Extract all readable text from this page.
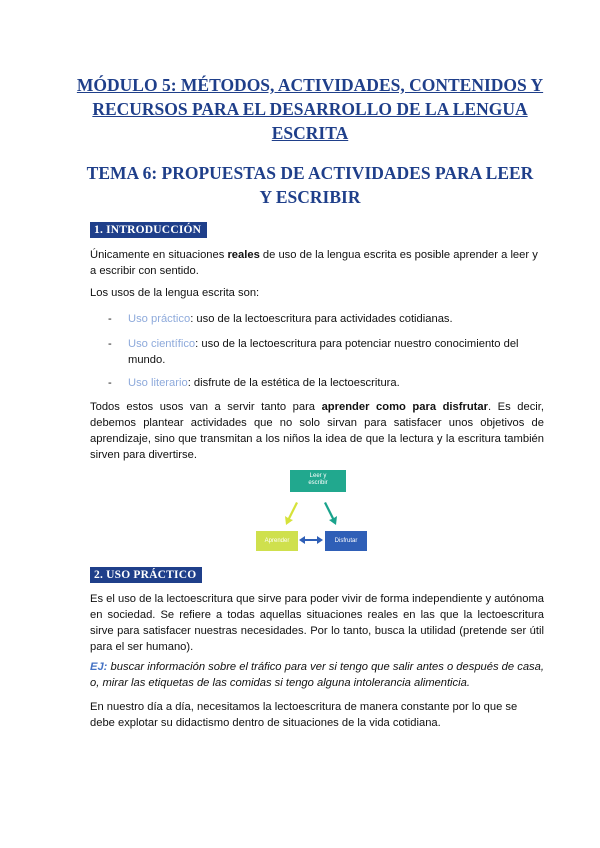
MÓDULO 5: MÉTODOS, ACTIVIDADES, CONTENIDOS Y RECURSOS PARA EL DESARROLLO DE LA LENGUA ESCRITA
TEMA 6: PROPUESTAS DE ACTIVIDADES PARA LEER
Y ESCRIBIR
1. INTRODUCCIÓN

Únicamente en situaciones reales de uso de la lengua escrita es posible aprender a leer y a escribir con sentido.

Los usos de la lengua escrita son:

- Uso práctico: uso de la lectoescritura para actividades cotidianas.
- Uso científico: uso de la lectoescritura para potenciar nuestro conocimiento del mundo.
- Uso literario: disfrute de la estética de la lectoescritura.

Todos estos usos van a servir tanto para aprender como para disfrutar. Es decir, debemos plantear actividades que no solo sirvan para satisfacer unos objetivos de aprendizaje, sino que transmitan a los niños la idea de que la lectura y la escritura también sirven para divertirse.

Leer y
escribir
Aprender	Disfrutar
2. USO PRÁCTICO

Es el uso de la lectoescritura que sirve para poder vivir de forma independiente y autónoma en sociedad. Se refiere a todas aquellas situaciones reales en las que la lectoescritura sirve para satisfacer nuestras necesidades. Por lo tanto, busca la utilidad (pretende ser útil para el ser humano).

EJ: buscar información sobre el tráfico para ver si tengo que salir antes o después de casa, o, mirar las etiquetas de las comidas si tengo alguna intolerancia alimenticia.

En nuestro día a día, necesitamos la lectoescritura de manera constante por lo que se debe explotar su didactismo dentro de situaciones de la vida cotidiana.
